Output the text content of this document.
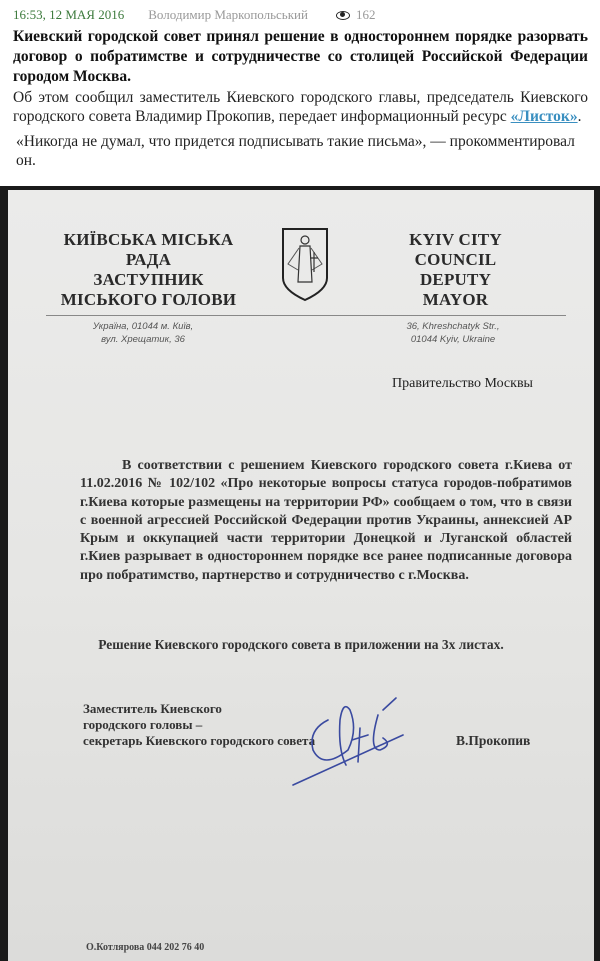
16:53, 12 МАЯ 2016 Володимир Маркопольський	162
Киевский городской совет принял решение в одностороннем порядке разорвать договор о побратимстве и сотрудничестве со столицей Российской Федерации городом Москва.
Об этом сообщил заместитель Киевского городского главы, председатель Киевского городского совета Владимир Прокопив, передает информационный ресурс «Листок».
«Никогда не думал, что придется подписывать такие письма», — прокомментировал он.
КИЇВСЬКА МІСЬКА РАДА
ЗАСТУПНИК
МІСЬКОГО ГОЛОВИ
KYIV CITY COUNCIL
DEPUTY
MAYOR
Україна, 01044 м. Київ,
вул. Хрещатик, 36
36, Khreshchatyk Str.,
01044 Kyiv, Ukraine
Правительство Москвы
В соответствии с решением Киевского городского совета г.Киева от 11.02.2016 № 102/102 «Про некоторые вопросы статуса городов-побратимов г.Киева которые размещены на территории РФ» сообщаем о том, что в связи с военной агрессией Российской Федерации против Украины, аннексией АР Крым и оккупацией части территории Донецкой и Луганской областей г.Киев разрывает в одностороннем порядке все ранее подписанные договора про побратимство, партнерство и сотрудничество с г.Москва.
Решение Киевского городского совета в приложении на 3х листах.
Заместитель Киевского
городского головы –
секретарь Киевского городского совета	В.Прокопив
О.Котлярова 044 202 76 40
